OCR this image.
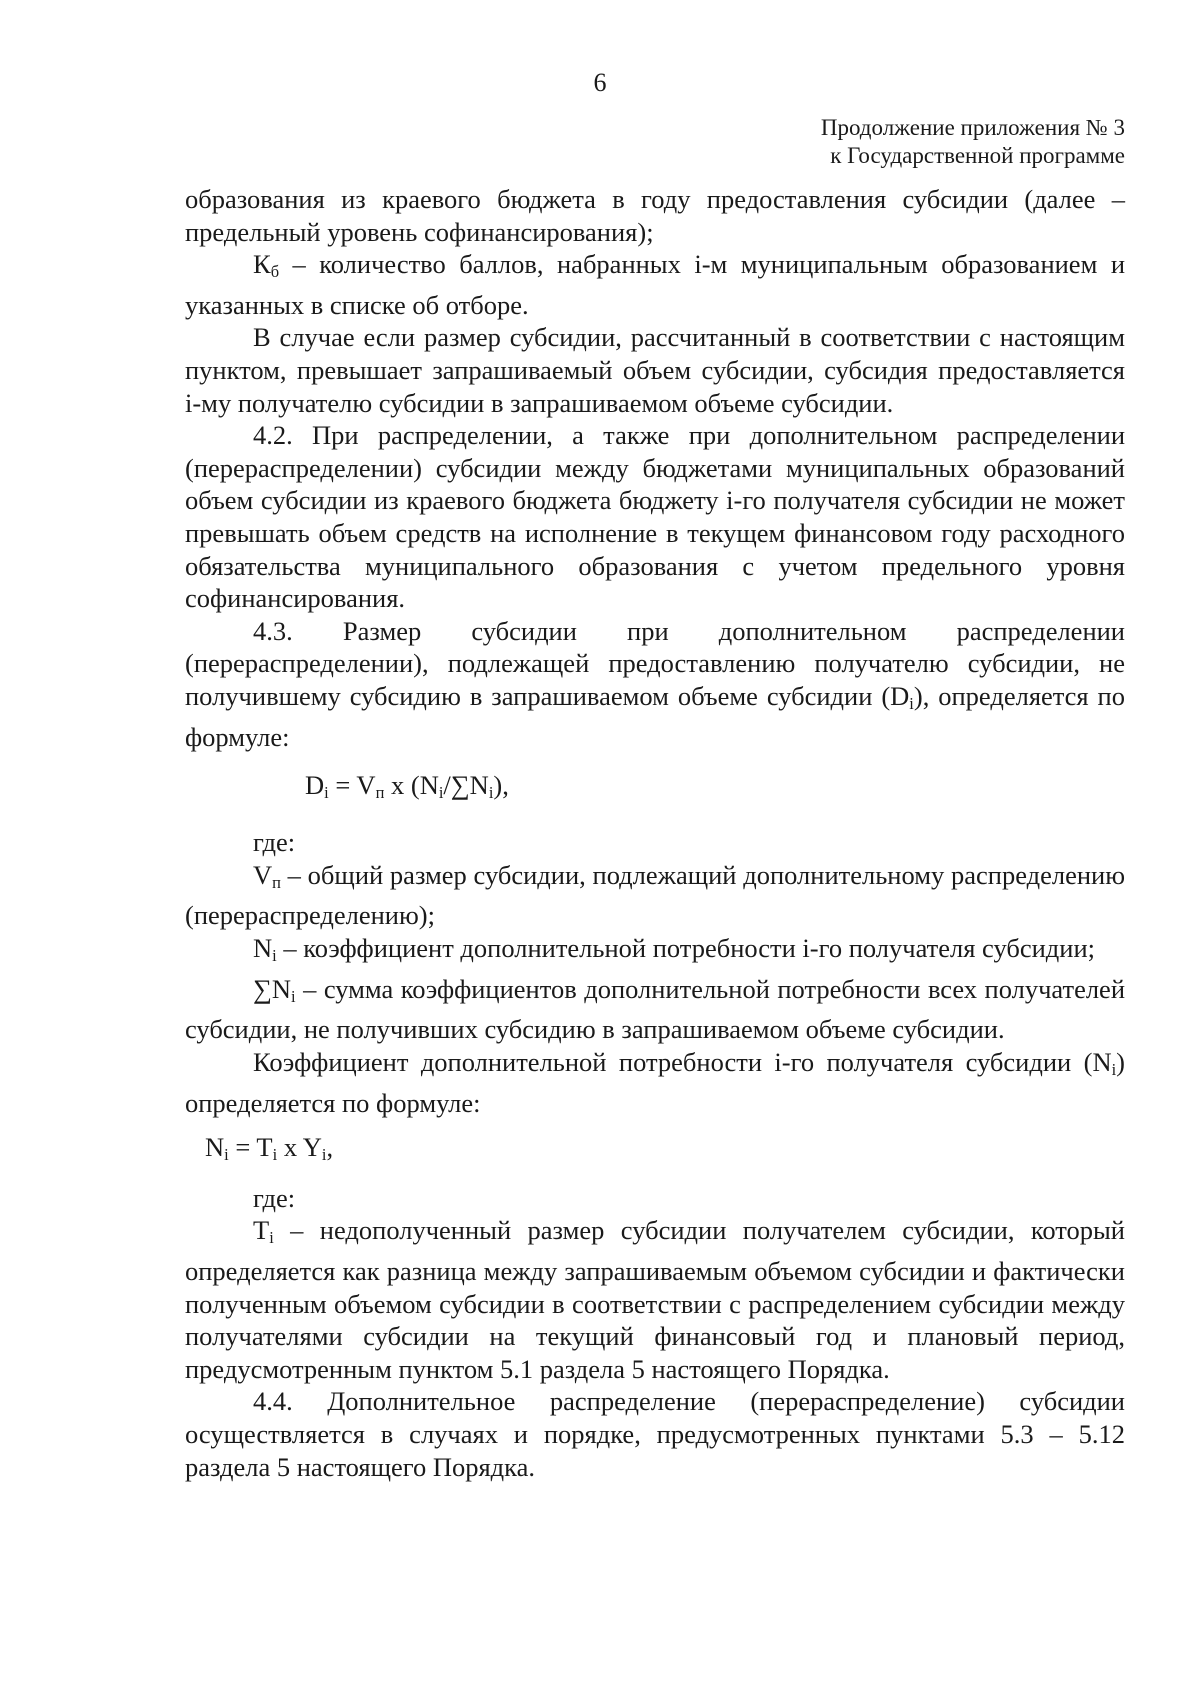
6
Продолжение приложения № 3
к Государственной программе

образования из краевого бюджета в году предоставления субсидии (далее – предельный уровень софинансирования);

$К_б$ – количество баллов, набранных i-м муниципальным образованием и указанных в списке об отборе.

В случае если размер субсидии, рассчитанный в соответствии с настоящим пунктом, превышает запрашиваемый объем субсидии, субсидия предоставляется i-му получателю субсидии в запрашиваемом объеме субсидии.

4.2. При распределении, а также при дополнительном распределении (перераспределении) субсидии между бюджетами муниципальных образований объем субсидии из краевого бюджета бюджету i-го получателя субсидии не может превышать объем средств на исполнение в текущем финансовом году расходного обязательства муниципального образования с учетом предельного уровня софинансирования.

4.3. Размер субсидии при дополнительном распределении (перераспределении), подлежащей предоставлению получателю субсидии, не получившему субсидию в запрашиваемом объеме субсидии $(D_i)$, определяется по формуле:

$D_i = V_п$ x $(N_i/\sum N_i)$,

где:

$V_п$ – общий размер субсидии, подлежащий дополнительному распределению (перераспределению);

$N_i$ – коэффициент дополнительной потребности i-го получателя субсидии;

$\sum N_i$ – сумма коэффициентов дополнительной потребности всех получателей субсидии, не получивших субсидию в запрашиваемом объеме субсидии.

Коэффициент дополнительной потребности i-го получателя субсидии $(N_i)$ определяется по формуле:

$N_i = T_i$ x $Y_i$,

где:

$T_i$ – недополученный размер субсидии получателем субсидии, который определяется как разница между запрашиваемым объемом субсидии и фактически полученным объемом субсидии в соответствии с распределением субсидии между получателями субсидии на текущий финансовый год и плановый период, предусмотренным пунктом 5.1 раздела 5 настоящего Порядка.

4.4. Дополнительное распределение (перераспределение) субсидии осуществляется в случаях и порядке, предусмотренных пунктами 5.3 – 5.12 раздела 5 настоящего Порядка.
